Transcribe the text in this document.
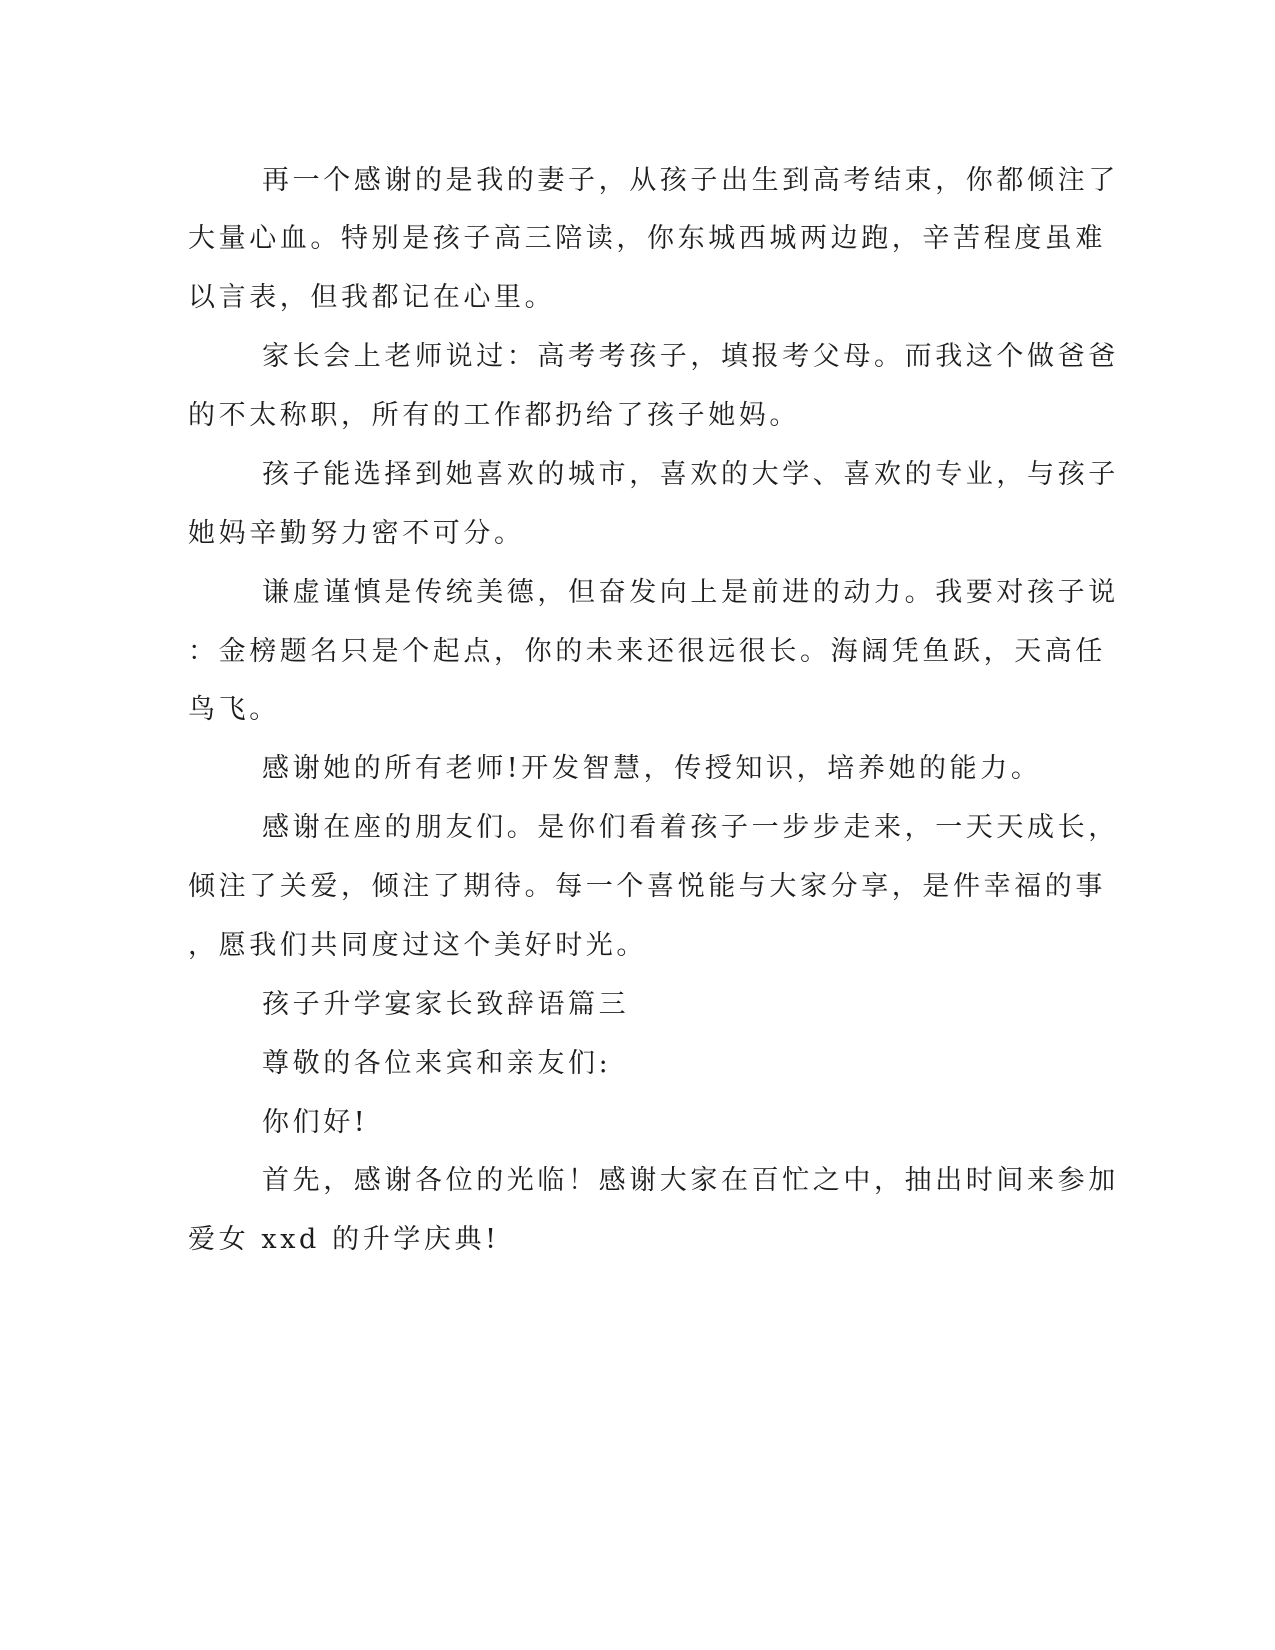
再一个感谢的是我的妻子，从孩子出生到高考结束，你都倾注了
大量心血。特别是孩子高三陪读，你东城西城两边跑，辛苦程度虽难
以言表，但我都记在心里。
家长会上老师说过：高考考孩子，填报考父母。而我这个做爸爸
的不太称职，所有的工作都扔给了孩子她妈。
孩子能选择到她喜欢的城市，喜欢的大学、喜欢的专业，与孩子
她妈辛勤努力密不可分。
谦虚谨慎是传统美德，但奋发向上是前进的动力。我要对孩子说
：金榜题名只是个起点，你的未来还很远很长。海阔凭鱼跃，天高任
鸟飞。
感谢她的所有老师!开发智慧，传授知识，培养她的能力。
感谢在座的朋友们。是你们看着孩子一步步走来，一天天成长，
倾注了关爱，倾注了期待。每一个喜悦能与大家分享，是件幸福的事
，愿我们共同度过这个美好时光。
孩子升学宴家长致辞语篇三
尊敬的各位来宾和亲友们:
你们好!
首先，感谢各位的光临！感谢大家在百忙之中，抽出时间来参加
爱女 xxd 的升学庆典!
